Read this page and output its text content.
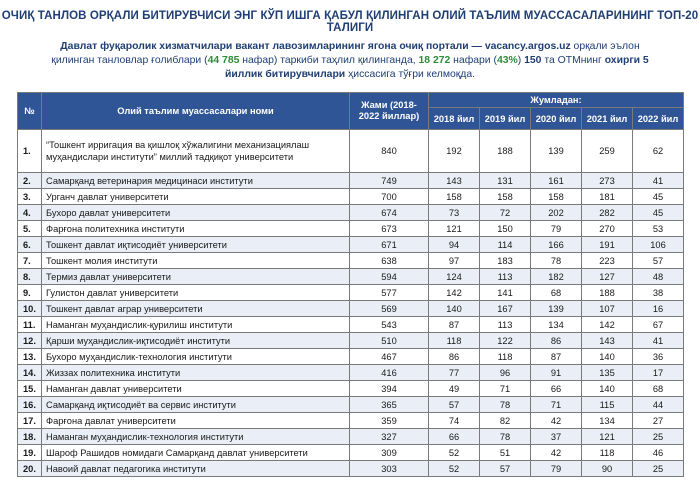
ОЧИҚ ТАНЛОВ ОРҚАЛИ БИТИРУВЧИСИ ЭНГ КЎП ИШГА ҚАБУЛ ҚИЛИНГАН ОЛИЙ ТАЪЛИМ МУАССАСАЛАРИНИНГ ТОП-20 ТАЛИГИ
Давлат фуқаролик хизматчилари вакант лавозимларининг ягона очиқ портали — vacancy.argos.uz орқали эълон қилинган танловлар ғолиблари (44 785 нафар) таркиби таҳлил қилинганда, 18 272 нафари (43%) 150 та ОТМнинг охирги 5 йиллик битирувчилари ҳиссасига тўғри келмоқда.
№	Олий таълим муассасалари номи	Жами (2018-2022 йиллар)	Жумладан:				
			2018 йил	2019 йил	2020 йил	2021 йил	2022 йил
1.	“Тошкент ирригация ва қишлоқ хўжалигини механизациялаш муҳандислари институти” миллий тадқиқот университети	840	192	188	139	259	62
2.	Самарқанд ветеринария медицинаси институти	749	143	131	161	273	41
3.	Урганч давлат университети	700	158	158	158	181	45
4.	Бухоро давлат университети	674	73	72	202	282	45
5.	Фарғона политехника институти	673	121	150	79	270	53
6.	Тошкент давлат иқтисодиёт университети	671	94	114	166	191	106
7.	Тошкент молия институти	638	97	183	78	223	57
8.	Термиз давлат университети	594	124	113	182	127	48
9.	Гулистон давлат университети	577	142	141	68	188	38
10.	Тошкент давлат аграр университети	569	140	167	139	107	16
11.	Наманган муҳандислик-қурилиш институти	543	87	113	134	142	67
12.	Қарши муҳандислик-иқтисодиёт институти	510	118	122	86	143	41
13.	Бухоро муҳандислик-технология институти	467	86	118	87	140	36
14.	Жиззах политехника институти	416	77	96	91	135	17
15.	Наманган давлат университети	394	49	71	66	140	68
16.	Самарқанд иқтисодиёт ва сервис институти	365	57	78	71	115	44
17.	Фарғона давлат университети	359	74	82	42	134	27
18.	Наманган муҳандислик-технология институти	327	66	78	37	121	25
19.	Шароф Рашидов номидаги Самарқанд давлат университети	309	52	51	42	118	46
20.	Навоий давлат педагогика институти	303	52	57	79	90	25
